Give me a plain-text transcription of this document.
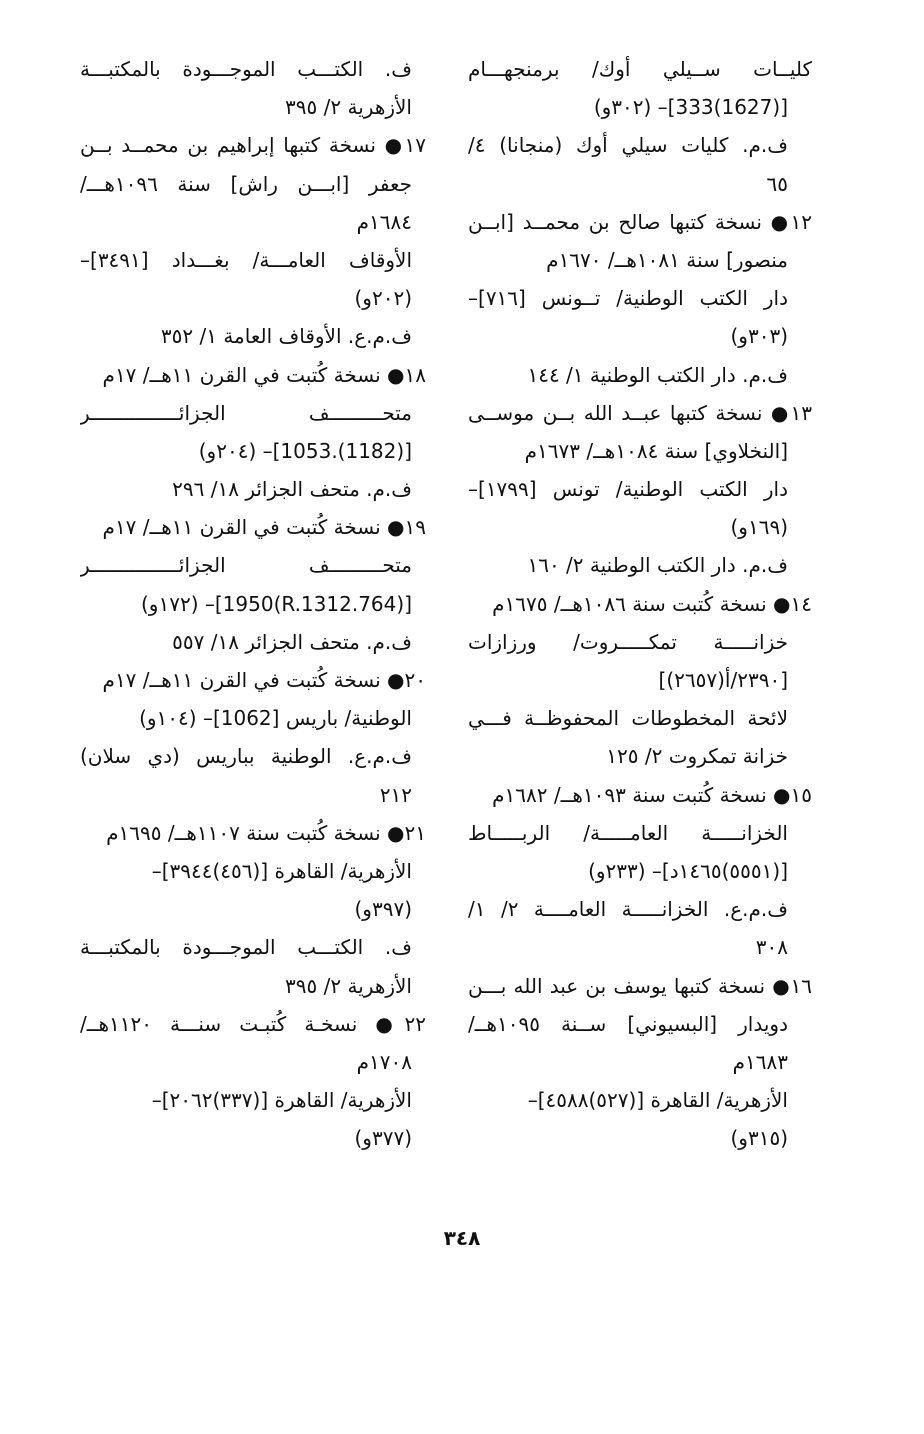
كليــات ســيلي أوك/ برمنجهـــام
[(1627)333]– (٣٠٢و)
ف.م. كليات سيلي أوك (منجانا) ٤/
٦٥
١٢● نسخة كتبها صالح بن محمــد [ابــن
منصور] سنة ١٠٨١هــ/ ١٦٧٠م
دار الكتب الوطنية/ تــونس [٧١٦]–
(٣٠٣و)
ف.م. دار الكتب الوطنية ١/ ١٤٤
١٣● نسخة كتبها عبــد الله بــن موســى
[النخلاوي] سنة ١٠٨٤هــ/ ١٦٧٣م
دار الكتب الوطنية/ تونس [١٧٩٩]–
(١٦٩و)
ف.م. دار الكتب الوطنية ٢/ ١٦٠
١٤● نسخة كُتبت سنة ١٠٨٦هــ/ ١٦٧٥م
خزانـــــة تمكـــــروت/ ورزازات
[٢٣٩٠/أ(٢٦٥٧)]
لائحة المخطوطات المحفوظــة فـــي
خزانة تمكروت ٢/ ١٢٥
١٥● نسخة كُتبت سنة ١٠٩٣هــ/ ١٦٨٢م
الخزانـــــة العامـــــة/ الربـــــاط
[(٥٥٥١)١٤٦٥د]– (٢٣٣و)
ف.م.ع. الخزانـــــة العامــــة ٢/ ١/
٣٠٨
١٦● نسخة كتبها يوسف بن عبد الله بـــن
دويدار [البسيوني] ســنة ١٠٩٥هــ/
١٦٨٣م
الأزهرية/ القاهرة [(٥٢٧)٤٥٨٨]–
(٣١٥و)
ف. الكتـــب الموجـــودة بالمكتبـــة
الأزهرية ٢/ ٣٩٥
١٧● نسخة كتبها إبراهيم بن محمــد بــن
جعفر [ابـــن راش] سنة ١٠٩٦هـــ/
١٦٨٤م
الأوقاف العامـــة/ بغـــداد [٣٤٩١]–
(٢٠٢و)
ف.م.ع. الأوقاف العامة ١/ ٣٥٢
١٨● نسخة كُتبت في القرن ١١هــ/ ١٧م
متحـــــــــف الجزائـــــــــــــــر
[(1182).1053]– (٢٠٤و)
ف.م. متحف الجزائر ١٨/ ٢٩٦
١٩● نسخة كُتبت في القرن ١١هــ/ ١٧م
متحـــــــــف الجزائـــــــــــــــر
[(764.R.1312)1950]– (١٧٢و)
ف.م. متحف الجزائر ١٨/ ٥٥٧
٢٠● نسخة كُتبت في القرن ١١هــ/ ١٧م
الوطنية/ باريس [1062]– (١٠٤و)
ف.م.ع. الوطنية بباريس (دي سلان)
٢١٢
٢١● نسخة كُتبت سنة ١١٠٧هــ/ ١٦٩٥م
الأزهرية/ القاهرة [(٤٥٦)٣٩٤٤]–
(٣٩٧و)
ف. الكتـــب الموجـــودة بالمكتبـــة
الأزهرية ٢/ ٣٩٥
٢٢● نسخـة كُتبـت سنـــة ١١٢٠هــ/
١٧٠٨م
الأزهرية/ القاهرة [(٣٣٧)٢٠٦٢]–
(٣٧٧و)
٣٤٨
